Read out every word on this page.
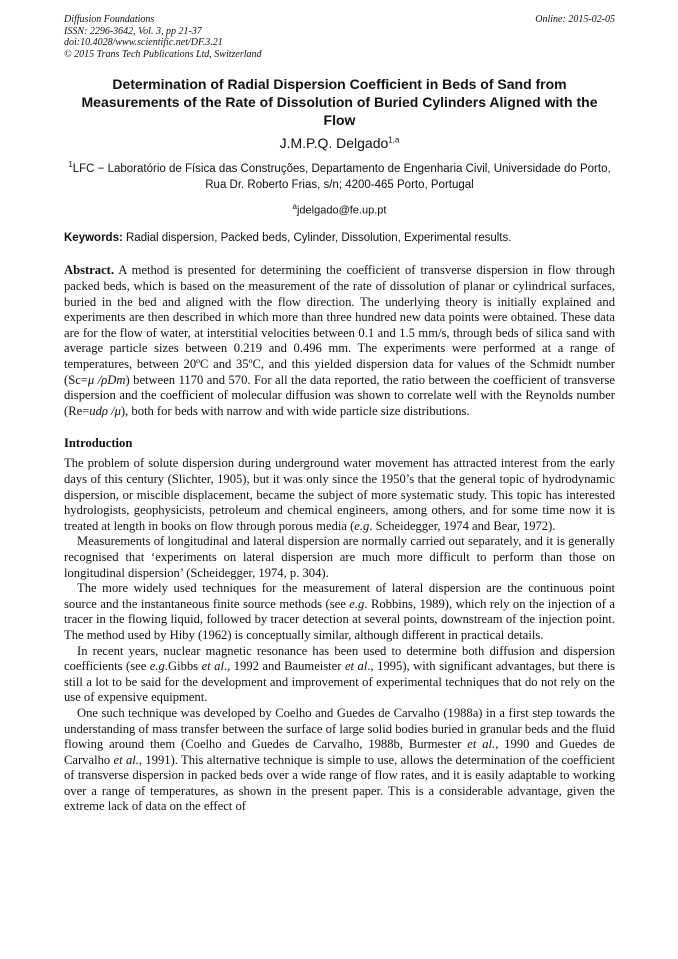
Diffusion Foundations
ISSN: 2296-3642, Vol. 3, pp 21-37
doi:10.4028/www.scientific.net/DF.3.21
© 2015 Trans Tech Publications Ltd, Switzerland
Online: 2015-02-05
Determination of Radial Dispersion Coefficient in Beds of Sand from Measurements of the Rate of Dissolution of Buried Cylinders Aligned with the Flow
J.M.P.Q. Delgado$^{1,a}$
$^1$LFC − Laboratório de Física das Construções, Departamento de Engenharia Civil, Universidade do Porto, Rua Dr. Roberto Frias, s/n; 4200-465 Porto, Portugal
$^a$jdelgado@fe.up.pt
Keywords: Radial dispersion, Packed beds, Cylinder, Dissolution, Experimental results.
Abstract. A method is presented for determining the coefficient of transverse dispersion in flow through packed beds, which is based on the measurement of the rate of dissolution of planar or cylindrical surfaces, buried in the bed and aligned with the flow direction. The underlying theory is initially explained and experiments are then described in which more than three hundred new data points were obtained. These data are for the flow of water, at interstitial velocities between 0.1 and 1.5 mm/s, through beds of silica sand with average particle sizes between 0.219 and 0.496 mm. The experiments were performed at a range of temperatures, between 20ºC and 35ºC, and this yielded dispersion data for values of the Schmidt number (Sc=μ /ρDm) between 1170 and 570. For all the data reported, the ratio between the coefficient of transverse dispersion and the coefficient of molecular diffusion was shown to correlate well with the Reynolds number (Re=udρ /μ), both for beds with narrow and with wide particle size distributions.
Introduction

The problem of solute dispersion during underground water movement has attracted interest from the early days of this century (Slichter, 1905), but it was only since the 1950’s that the general topic of hydrodynamic dispersion, or miscible displacement, became the subject of more systematic study. This topic has interested hydrologists, geophysicists, petroleum and chemical engineers, among others, and for some time now it is treated at length in books on flow through porous media (e.g. Scheidegger, 1974 and Bear, 1972).

Measurements of longitudinal and lateral dispersion are normally carried out separately, and it is generally recognised that ‘experiments on lateral dispersion are much more difficult to perform than those on longitudinal dispersion’ (Scheidegger, 1974, p. 304).

The more widely used techniques for the measurement of lateral dispersion are the continuous point source and the instantaneous finite source methods (see e.g. Robbins, 1989), which rely on the injection of a tracer in the flowing liquid, followed by tracer detection at several points, downstream of the injection point. The method used by Hiby (1962) is conceptually similar, although different in practical details.

In recent years, nuclear magnetic resonance has been used to determine both diffusion and dispersion coefficients (see e.g.Gibbs et al., 1992 and Baumeister et al., 1995), with significant advantages, but there is still a lot to be said for the development and improvement of experimental techniques that do not rely on the use of expensive equipment.

One such technique was developed by Coelho and Guedes de Carvalho (1988a) in a first step towards the understanding of mass transfer between the surface of large solid bodies buried in granular beds and the fluid flowing around them (Coelho and Guedes de Carvalho, 1988b, Burmester et al., 1990 and Guedes de Carvalho et al., 1991). This alternative technique is simple to use, allows the determination of the coefficient of transverse dispersion in packed beds over a wide range of flow rates, and it is easily adaptable to working over a range of temperatures, as shown in the present paper. This is a considerable advantage, given the extreme lack of data on the effect of
